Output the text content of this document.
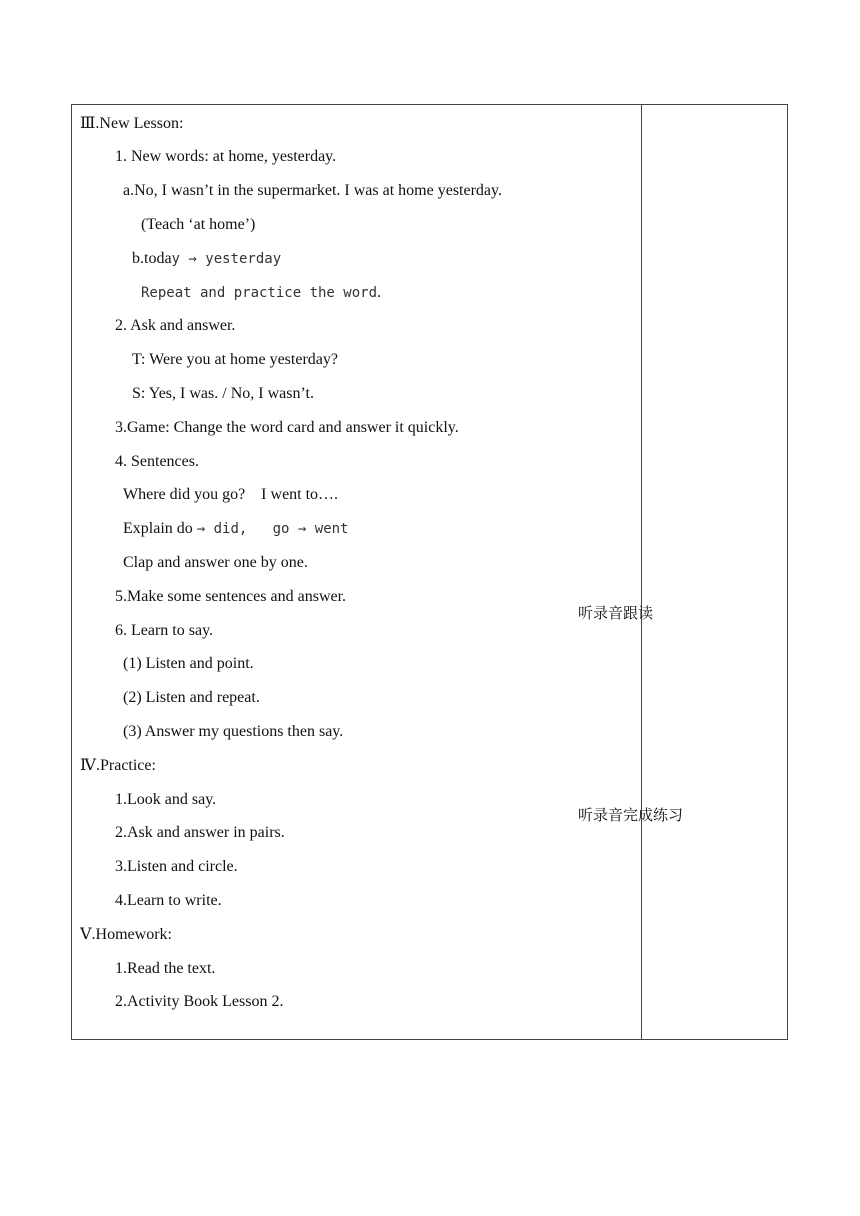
Ⅲ.New Lesson:
1. New words: at home, yesterday.
a.No, I wasn’t in the supermarket. I was at home yesterday.
(Teach ‘at home’)
b.today → yesterday
Repeat and practice the word.
2. Ask and answer.
T: Were you at home yesterday?
S: Yes, I was. / No, I wasn’t.
3.Game: Change the word card and answer it quickly.
4. Sentences.
Where did you go?    I went to….
Explain do → did,   go → went
Clap and answer one by one.
5.Make some sentences and answer.
6. Learn to say.
(1) Listen and point.
(2) Listen and repeat.
(3) Answer my questions then say.
Ⅳ.Practice:
1.Look and say.
2.Ask and answer in pairs.
3.Listen and circle.
4.Learn to write.
Ⅴ.Homework:
1.Read the text.
2.Activity Book Lesson 2.
听录音跟读
听录音完成练习
